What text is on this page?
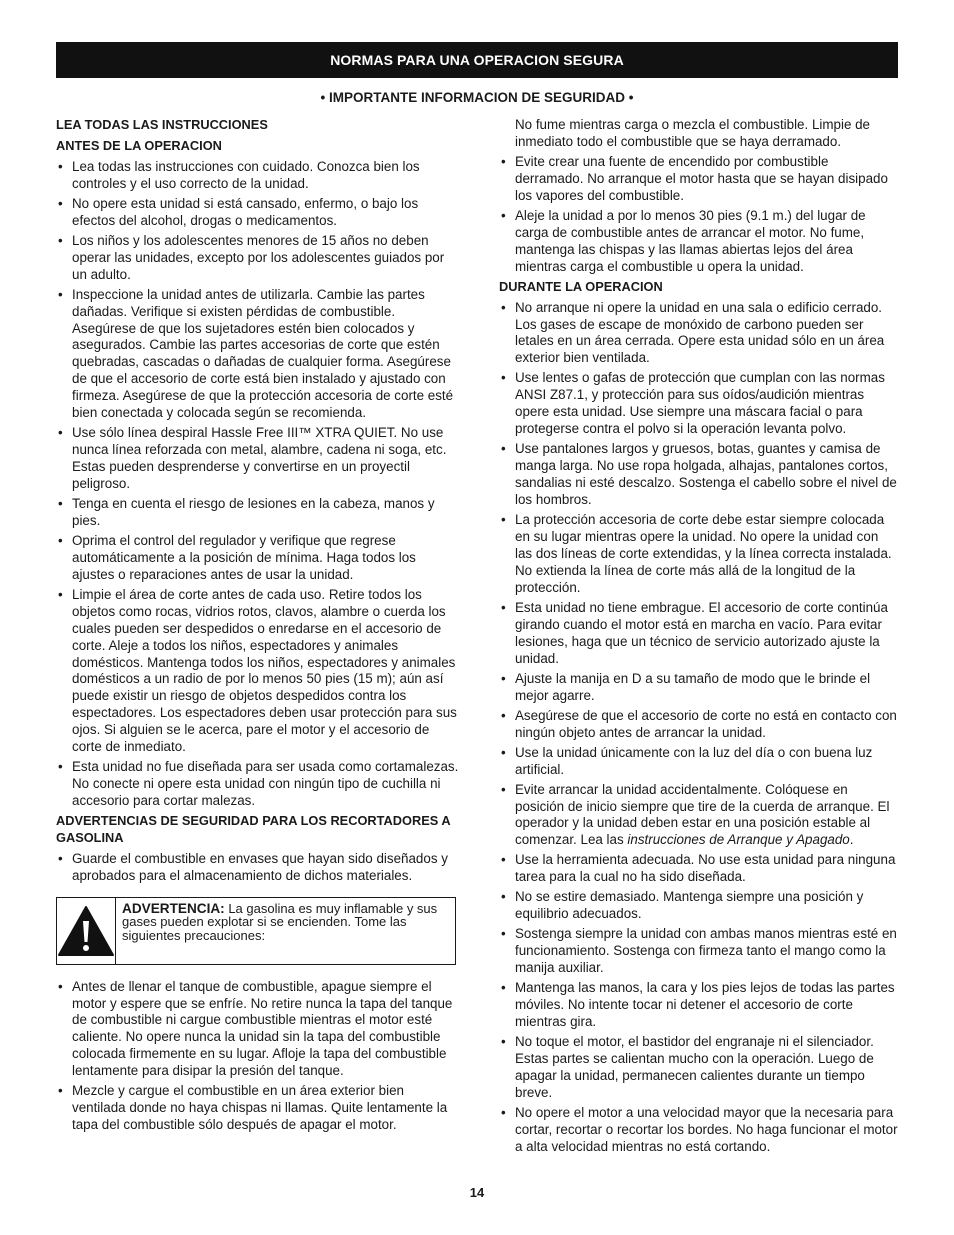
NORMAS PARA UNA OPERACION SEGURA
• IMPORTANTE INFORMACION DE SEGURIDAD •
LEA TODAS LAS INSTRUCCIONES
ANTES DE LA OPERACION
• Lea todas las instrucciones con cuidado. Conozca bien los controles y el uso correcto de la unidad.
• No opere esta unidad si está cansado, enfermo, o bajo los efectos del alcohol, drogas o medicamentos.
• Los niños y los adolescentes menores de 15 años no deben operar las unidades, excepto por los adolescentes guiados por un adulto.
• Inspeccione la unidad antes de utilizarla. Cambie las partes dañadas. Verifique si existen pérdidas de combustible. Asegúrese de que los sujetadores estén bien colocados y asegurados. Cambie las partes accesorias de corte que estén quebradas, cascadas o dañadas de cualquier forma. Asegúrese de que el accesorio de corte está bien instalado y ajustado con firmeza. Asegúrese de que la protección accesoria de corte esté bien conectada y colocada según se recomienda.
• Use sólo línea despiral Hassle Free III™ XTRA QUIET. No use nunca línea reforzada con metal, alambre, cadena ni soga, etc. Estas pueden desprenderse y convertirse en un proyectil peligroso.
• Tenga en cuenta el riesgo de lesiones en la cabeza, manos y pies.
• Oprima el control del regulador y verifique que regrese automáticamente a la posición de mínima. Haga todos los ajustes o reparaciones antes de usar la unidad.
• Limpie el área de corte antes de cada uso. Retire todos los objetos como rocas, vidrios rotos, clavos, alambre o cuerda los cuales pueden ser despedidos o enredarse en el accesorio de corte. Aleje a todos los niños, espectadores y animales domésticos. Mantenga todos los niños, espectadores y animales domésticos a un radio de por lo menos 50 pies (15 m); aún así puede existir un riesgo de objetos despedidos contra los espectadores. Los espectadores deben usar protección para sus ojos. Si alguien se le acerca, pare el motor y el accesorio de corte de inmediato.
• Esta unidad no fue diseñada para ser usada como cortamalezas. No conecte ni opere esta unidad con ningún tipo de cuchilla ni accesorio para cortar malezas.
ADVERTENCIAS DE SEGURIDAD PARA LOS RECORTADORES A GASOLINA
• Guarde el combustible en envases que hayan sido diseñados y aprobados para el almacenamiento de dichos materiales.
ADVERTENCIA: La gasolina es muy inflamable y sus gases pueden explotar si se encienden. Tome las siguientes precauciones:
• Antes de llenar el tanque de combustible, apague siempre el motor y espere que se enfríe. No retire nunca la tapa del tanque de combustible ni cargue combustible mientras el motor esté caliente. No opere nunca la unidad sin la tapa del combustible colocada firmemente en su lugar. Afloje la tapa del combustible lentamente para disipar la presión del tanque.
• Mezcle y cargue el combustible en un área exterior bien ventilada donde no haya chispas ni llamas. Quite lentamente la tapa del combustible sólo después de apagar el motor.

No fume mientras carga o mezcla el combustible. Limpie de inmediato todo el combustible que se haya derramado.

• Evite crear una fuente de encendido por combustible derramado. No arranque el motor hasta que se hayan disipado los vapores del combustible.
• Aleje la unidad a por lo menos 30 pies (9.1 m.) del lugar de carga de combustible antes de arrancar el motor. No fume, mantenga las chispas y las llamas abiertas lejos del área mientras carga el combustible u opera la unidad.
DURANTE LA OPERACION
• No arranque ni opere la unidad en una sala o edificio cerrado. Los gases de escape de monóxido de carbono pueden ser letales en un área cerrada. Opere esta unidad sólo en un área exterior bien ventilada.
• Use lentes o gafas de protección que cumplan con las normas ANSI Z87.1, y protección para sus oídos/audición mientras opere esta unidad. Use siempre una máscara facial o para protegerse contra el polvo si la operación levanta polvo.
• Use pantalones largos y gruesos, botas, guantes y camisa de manga larga. No use ropa holgada, alhajas, pantalones cortos, sandalias ni esté descalzo. Sostenga el cabello sobre el nivel de los hombros.
• La protección accesoria de corte debe estar siempre colocada en su lugar mientras opere la unidad. No opere la unidad con las dos líneas de corte extendidas, y la línea correcta instalada. No extienda la línea de corte más allá de la longitud de la protección.
• Esta unidad no tiene embrague. El accesorio de corte continúa girando cuando el motor está en marcha en vacío. Para evitar lesiones, haga que un técnico de servicio autorizado ajuste la unidad.
• Ajuste la manija en D a su tamaño de modo que le brinde el mejor agarre.
• Asegúrese de que el accesorio de corte no está en contacto con ningún objeto antes de arrancar la unidad.
• Use la unidad únicamente con la luz del día o con buena luz artificial.
• Evite arrancar la unidad accidentalmente. Colóquese en posición de inicio siempre que tire de la cuerda de arranque. El operador y la unidad deben estar en una posición estable al comenzar. Lea las instrucciones de Arranque y Apagado.
• Use la herramienta adecuada. No use esta unidad para ninguna tarea para la cual no ha sido diseñada.
• No se estire demasiado. Mantenga siempre una posición y equilibrio adecuados.
• Sostenga siempre la unidad con ambas manos mientras esté en funcionamiento. Sostenga con firmeza tanto el mango como la manija auxiliar.
• Mantenga las manos, la cara y los pies lejos de todas las partes móviles. No intente tocar ni detener el accesorio de corte mientras gira.
• No toque el motor, el bastidor del engranaje ni el silenciador. Estas partes se calientan mucho con la operación. Luego de apagar la unidad, permanecen calientes durante un tiempo breve.
• No opere el motor a una velocidad mayor que la necesaria para cortar, recortar o recortar los bordes. No haga funcionar el motor a alta velocidad mientras no está cortando.
14
